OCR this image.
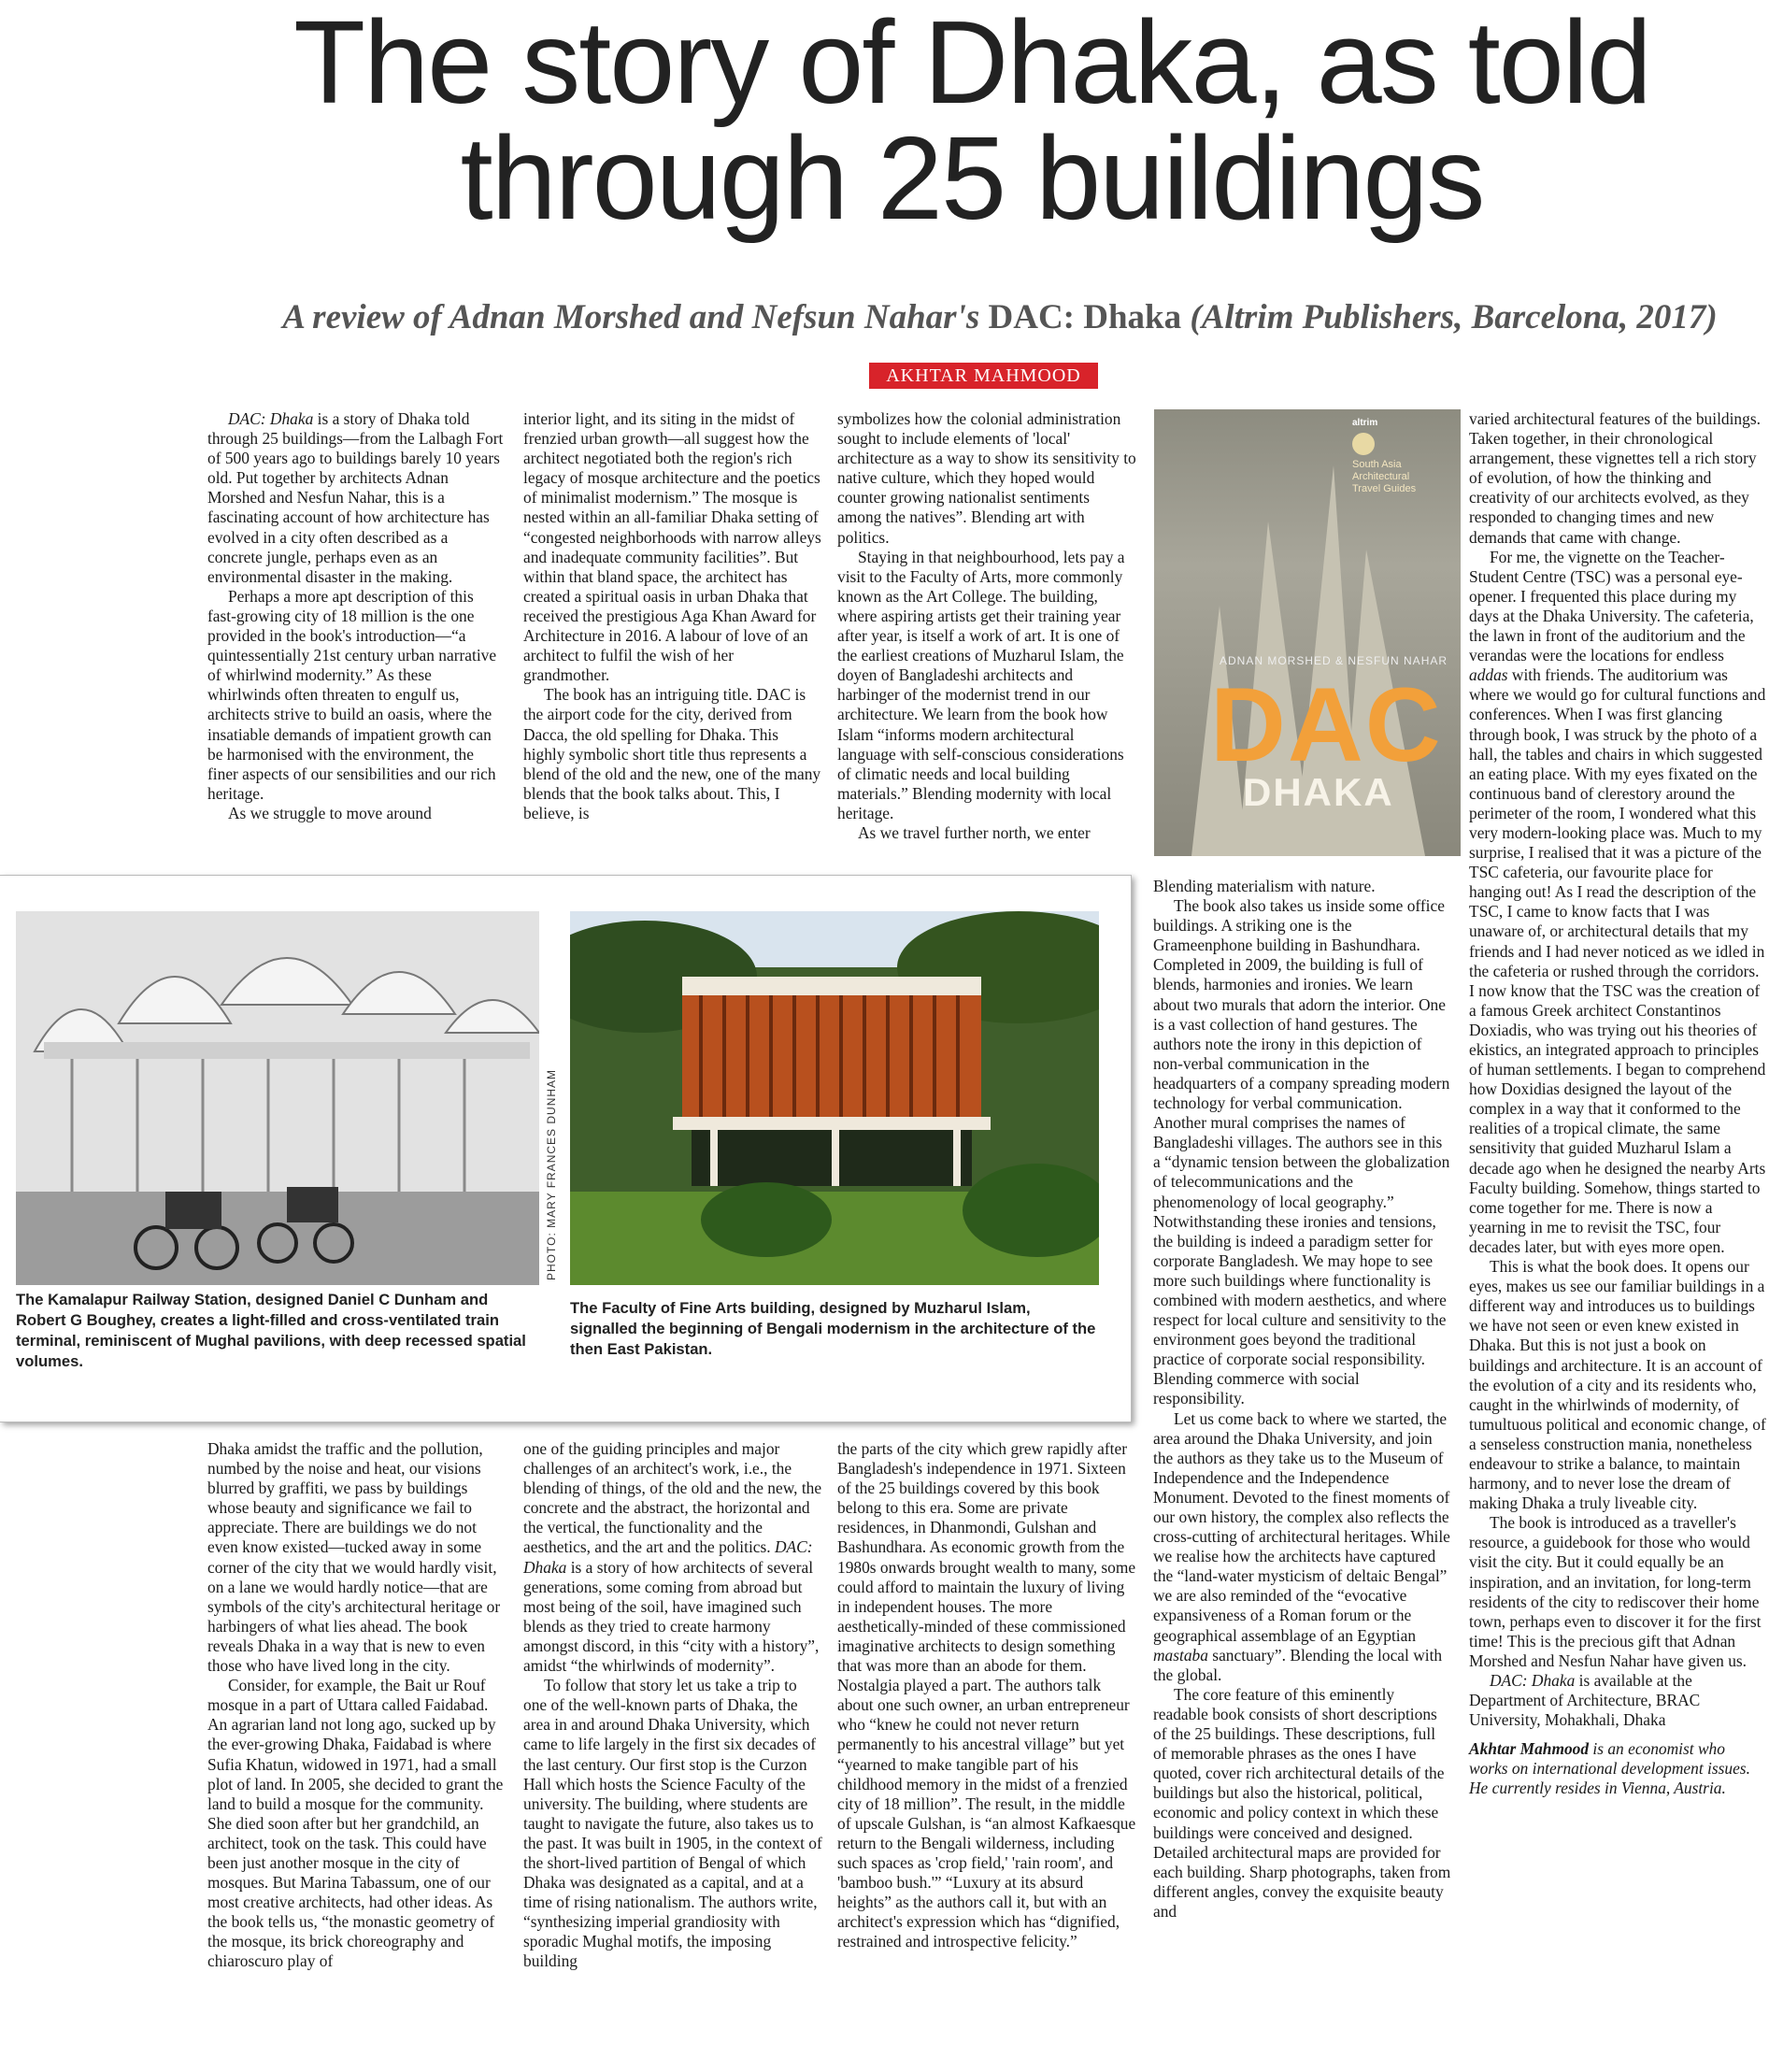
The story of Dhaka, as told
through 25 buildings
A review of Adnan Morshed and Nefsun Nahar's DAC: Dhaka (Altrim Publishers, Barcelona, 2017)
AKHTAR MAHMOOD

DAC: Dhaka is a story of Dhaka told through 25 buildings—from the Lalbagh Fort of 500 years ago to buildings barely 10 years old. Put together by architects Adnan Morshed and Nesfun Nahar, this is a fascinating account of how architecture has evolved in a city often described as a concrete jungle, perhaps even as an environmental disaster in the making.

Perhaps a more apt description of this fast-growing city of 18 million is the one provided in the book's introduction—“a quintessentially 21st century urban narrative of whirlwind modernity.” As these whirlwinds often threaten to engulf us, architects strive to build an oasis, where the insatiable demands of impatient growth can be harmonised with the environment, the finer aspects of our sensibilities and our rich heritage.

As we struggle to move around

interior light, and its siting in the midst of frenzied urban growth—all suggest how the architect negotiated both the region's rich legacy of mosque architecture and the poetics of minimalist modernism.” The mosque is nested within an all-familiar Dhaka setting of “congested neighborhoods with narrow alleys and inadequate community facilities”. But within that bland space, the architect has created a spiritual oasis in urban Dhaka that received the prestigious Aga Khan Award for Architecture in 2016. A labour of love of an architect to fulfil the wish of her grandmother.

The book has an intriguing title. DAC is the airport code for the city, derived from Dacca, the old spelling for Dhaka. This highly symbolic short title thus represents a blend of the old and the new, one of the many blends that the book talks about. This, I believe, is

symbolizes how the colonial administration sought to include elements of 'local' architecture as a way to show its sensitivity to native culture, which they hoped would counter growing nationalist sentiments among the natives”. Blending art with politics.

Staying in that neighbourhood, lets pay a visit to the Faculty of Arts, more commonly known as the Art College. The building, where aspiring artists get their training year after year, is itself a work of art. It is one of the earliest creations of Muzharul Islam, the doyen of Bangladeshi architects and harbinger of the modernist trend in our architecture. We learn from the book how Islam “informs modern architectural language with self-conscious considerations of climatic needs and local building materials.” Blending modernity with local heritage.

As we travel further north, we enter

altrim
South Asia
Architectural
Travel Guides
ADNAN MORSHED & NESFUN NAHAR
DAC
DHAKA

varied architectural features of the buildings. Taken together, in their chronological arrangement, these vignettes tell a rich story of evolution, of how the thinking and creativity of our architects evolved, as they responded to changing times and new demands that came with change.

For me, the vignette on the Teacher-Student Centre (TSC) was a personal eye-opener. I frequented this place during my days at the Dhaka University. The cafeteria, the lawn in front of the auditorium and the verandas were the locations for endless addas with friends. The auditorium was where we would go for cultural functions and conferences. When I was first glancing through book, I was struck by the photo of a hall, the tables and chairs in which suggested an eating place. With my eyes fixated on the continuous band of clerestory around the perimeter of the room, I wondered what this very modern-looking place was. Much to my surprise, I realised that it was a picture of the TSC cafeteria, our favourite place for hanging out! As I read the description of the TSC, I came to know facts that I was unaware of, or architectural details that my friends and I had never noticed as we idled in the cafeteria or rushed through the corridors. I now know that the TSC was the creation of a famous Greek architect Constantinos Doxiadis, who was trying out his theories of ekistics, an integrated approach to principles of human settlements. I began to comprehend how Doxidias designed the layout of the complex in a way that it conformed to the realities of a tropical climate, the same sensitivity that guided Muzharul Islam a decade ago when he designed the nearby Arts Faculty building. Somehow, things started to come together for me. There is now a yearning in me to revisit the TSC, four decades later, but with eyes more open.

This is what the book does. It opens our eyes, makes us see our familiar buildings in a different way and introduces us to buildings we have not seen or even knew existed in Dhaka. But this is not just a book on buildings and architecture. It is an account of the evolution of a city and its residents who, caught in the whirlwinds of modernity, of tumultuous political and economic change, of a senseless construction mania, nonetheless endeavour to strike a balance, to maintain harmony, and to never lose the dream of making Dhaka a truly liveable city.

The book is introduced as a traveller's resource, a guidebook for those who would visit the city. But it could equally be an inspiration, and an invitation, for long-term residents of the city to rediscover their home town, perhaps even to discover it for the first time! This is the precious gift that Adnan Morshed and Nesfun Nahar have given us.

DAC: Dhaka is available at the Department of Architecture, BRAC University, Mohakhali, Dhaka

Akhtar Mahmood is an economist who works on international development issues. He currently resides in Vienna, Austria.

PHOTO: MARY FRANCES DUNHAM
The Kamalapur Railway Station, designed Daniel C Dunham and Robert G Boughey, creates a light-filled and cross-ventilated train terminal, reminiscent of Mughal pavilions, with deep recessed spatial volumes.
The Faculty of Fine Arts building, designed by Muzharul Islam, signalled the beginning of Bengali modernism in the architecture of the then East Pakistan.

Blending materialism with nature.

The book also takes us inside some office buildings. A striking one is the Grameenphone building in Bashundhara. Completed in 2009, the building is full of blends, harmonies and ironies. We learn about two murals that adorn the interior. One is a vast collection of hand gestures. The authors note the irony in this depiction of non-verbal communication in the headquarters of a company spreading modern technology for verbal communication. Another mural comprises the names of Bangladeshi villages. The authors see in this a “dynamic tension between the globalization of telecommunications and the phenomenology of local geography.” Notwithstanding these ironies and tensions, the building is indeed a paradigm setter for corporate Bangladesh. We may hope to see more such buildings where functionality is combined with modern aesthetics, and where respect for local culture and sensitivity to the environment goes beyond the traditional practice of corporate social responsibility. Blending commerce with social responsibility.

Let us come back to where we started, the area around the Dhaka University, and join the authors as they take us to the Museum of Independence and the Independence Monument. Devoted to the finest moments of our own history, the complex also reflects the cross-cutting of architectural heritages. While we realise how the architects have captured the “land-water mysticism of deltaic Bengal” we are also reminded of the “evocative expansiveness of a Roman forum or the geographical assemblage of an Egyptian mastaba sanctuary”. Blending the local with the global.

The core feature of this eminently readable book consists of short descriptions of the 25 buildings. These descriptions, full of memorable phrases as the ones I have quoted, cover rich architectural details of the buildings but also the historical, political, economic and policy context in which these buildings were conceived and designed. Detailed architectural maps are provided for each building. Sharp photographs, taken from different angles, convey the exquisite beauty and

Dhaka amidst the traffic and the pollution, numbed by the noise and heat, our visions blurred by graffiti, we pass by buildings whose beauty and significance we fail to appreciate. There are buildings we do not even know existed—tucked away in some corner of the city that we would hardly visit, on a lane we would hardly notice—that are symbols of the city's architectural heritage or harbingers of what lies ahead. The book reveals Dhaka in a way that is new to even those who have lived long in the city.

Consider, for example, the Bait ur Rouf mosque in a part of Uttara called Faidabad. An agrarian land not long ago, sucked up by the ever-growing Dhaka, Faidabad is where Sufia Khatun, widowed in 1971, had a small plot of land. In 2005, she decided to grant the land to build a mosque for the community. She died soon after but her grandchild, an architect, took on the task. This could have been just another mosque in the city of mosques. But Marina Tabassum, one of our most creative architects, had other ideas. As the book tells us, “the monastic geometry of the mosque, its brick choreography and chiaroscuro play of

one of the guiding principles and major challenges of an architect's work, i.e., the blending of things, of the old and the new, the concrete and the abstract, the horizontal and the vertical, the functionality and the aesthetics, and the art and the politics. DAC: Dhaka is a story of how architects of several generations, some coming from abroad but most being of the soil, have imagined such blends as they tried to create harmony amongst discord, in this “city with a history”, amidst “the whirlwinds of modernity”.

To follow that story let us take a trip to one of the well-known parts of Dhaka, the area in and around Dhaka University, which came to life largely in the first six decades of the last century. Our first stop is the Curzon Hall which hosts the Science Faculty of the university. The building, where students are taught to navigate the future, also takes us to the past. It was built in 1905, in the context of the short-lived partition of Bengal of which Dhaka was designated as a capital, and at a time of rising nationalism. The authors write, “synthesizing imperial grandiosity with sporadic Mughal motifs, the imposing building

the parts of the city which grew rapidly after Bangladesh's independence in 1971. Sixteen of the 25 buildings covered by this book belong to this era. Some are private residences, in Dhanmondi, Gulshan and Bashundhara. As economic growth from the 1980s onwards brought wealth to many, some could afford to maintain the luxury of living in independent houses. The more aesthetically-minded of these commissioned imaginative architects to design something that was more than an abode for them. Nostalgia played a part. The authors talk about one such owner, an urban entrepreneur who “knew he could not never return permanently to his ancestral village” but yet “yearned to make tangible part of his childhood memory in the midst of a frenzied city of 18 million”. The result, in the middle of upscale Gulshan, is “an almost Kafkaesque return to the Bengali wilderness, including such spaces as 'crop field,' 'rain room', and 'bamboo bush.'” “Luxury at its absurd heights” as the authors call it, but with an architect's expression which has “dignified, restrained and introspective felicity.”
